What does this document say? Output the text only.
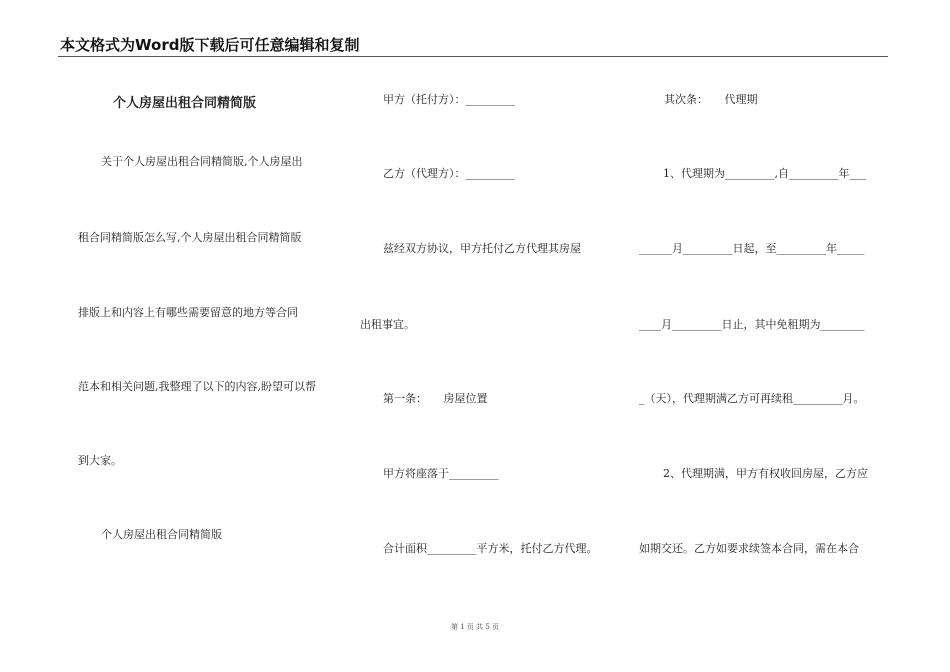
本文格式为Word版下载后可任意编辑和复制
个人房屋出租合同精简版
关于个人房屋出租合同精简版,个人房屋出
租合同精简版怎么写,个人房屋出租合同精简版
排版上和内容上有哪些需要留意的地方等合同
范本和相关问题,我整理了以下的内容,盼望可以帮
到大家。
个人房屋出租合同精简版
甲方（托付方）：_________
乙方（代理方）：_________
兹经双方协议，甲方托付乙方代理其房屋
出租事宜。
第一条：　　房屋位置
甲方将座落于_________
合计面积_________平方米，托付乙方代理。
其次条：　　代理期
1、代理期为_________,自_________年___
______月_________日起，至_________年_____
____月_________日止，其中免租期为________
_（天），代理期满乙方可再续租_________月。
2、代理期满，甲方有权收回房屋，乙方应
如期交还。乙方如要求续签本合同，需在本合
第 1 页 共 5 页
